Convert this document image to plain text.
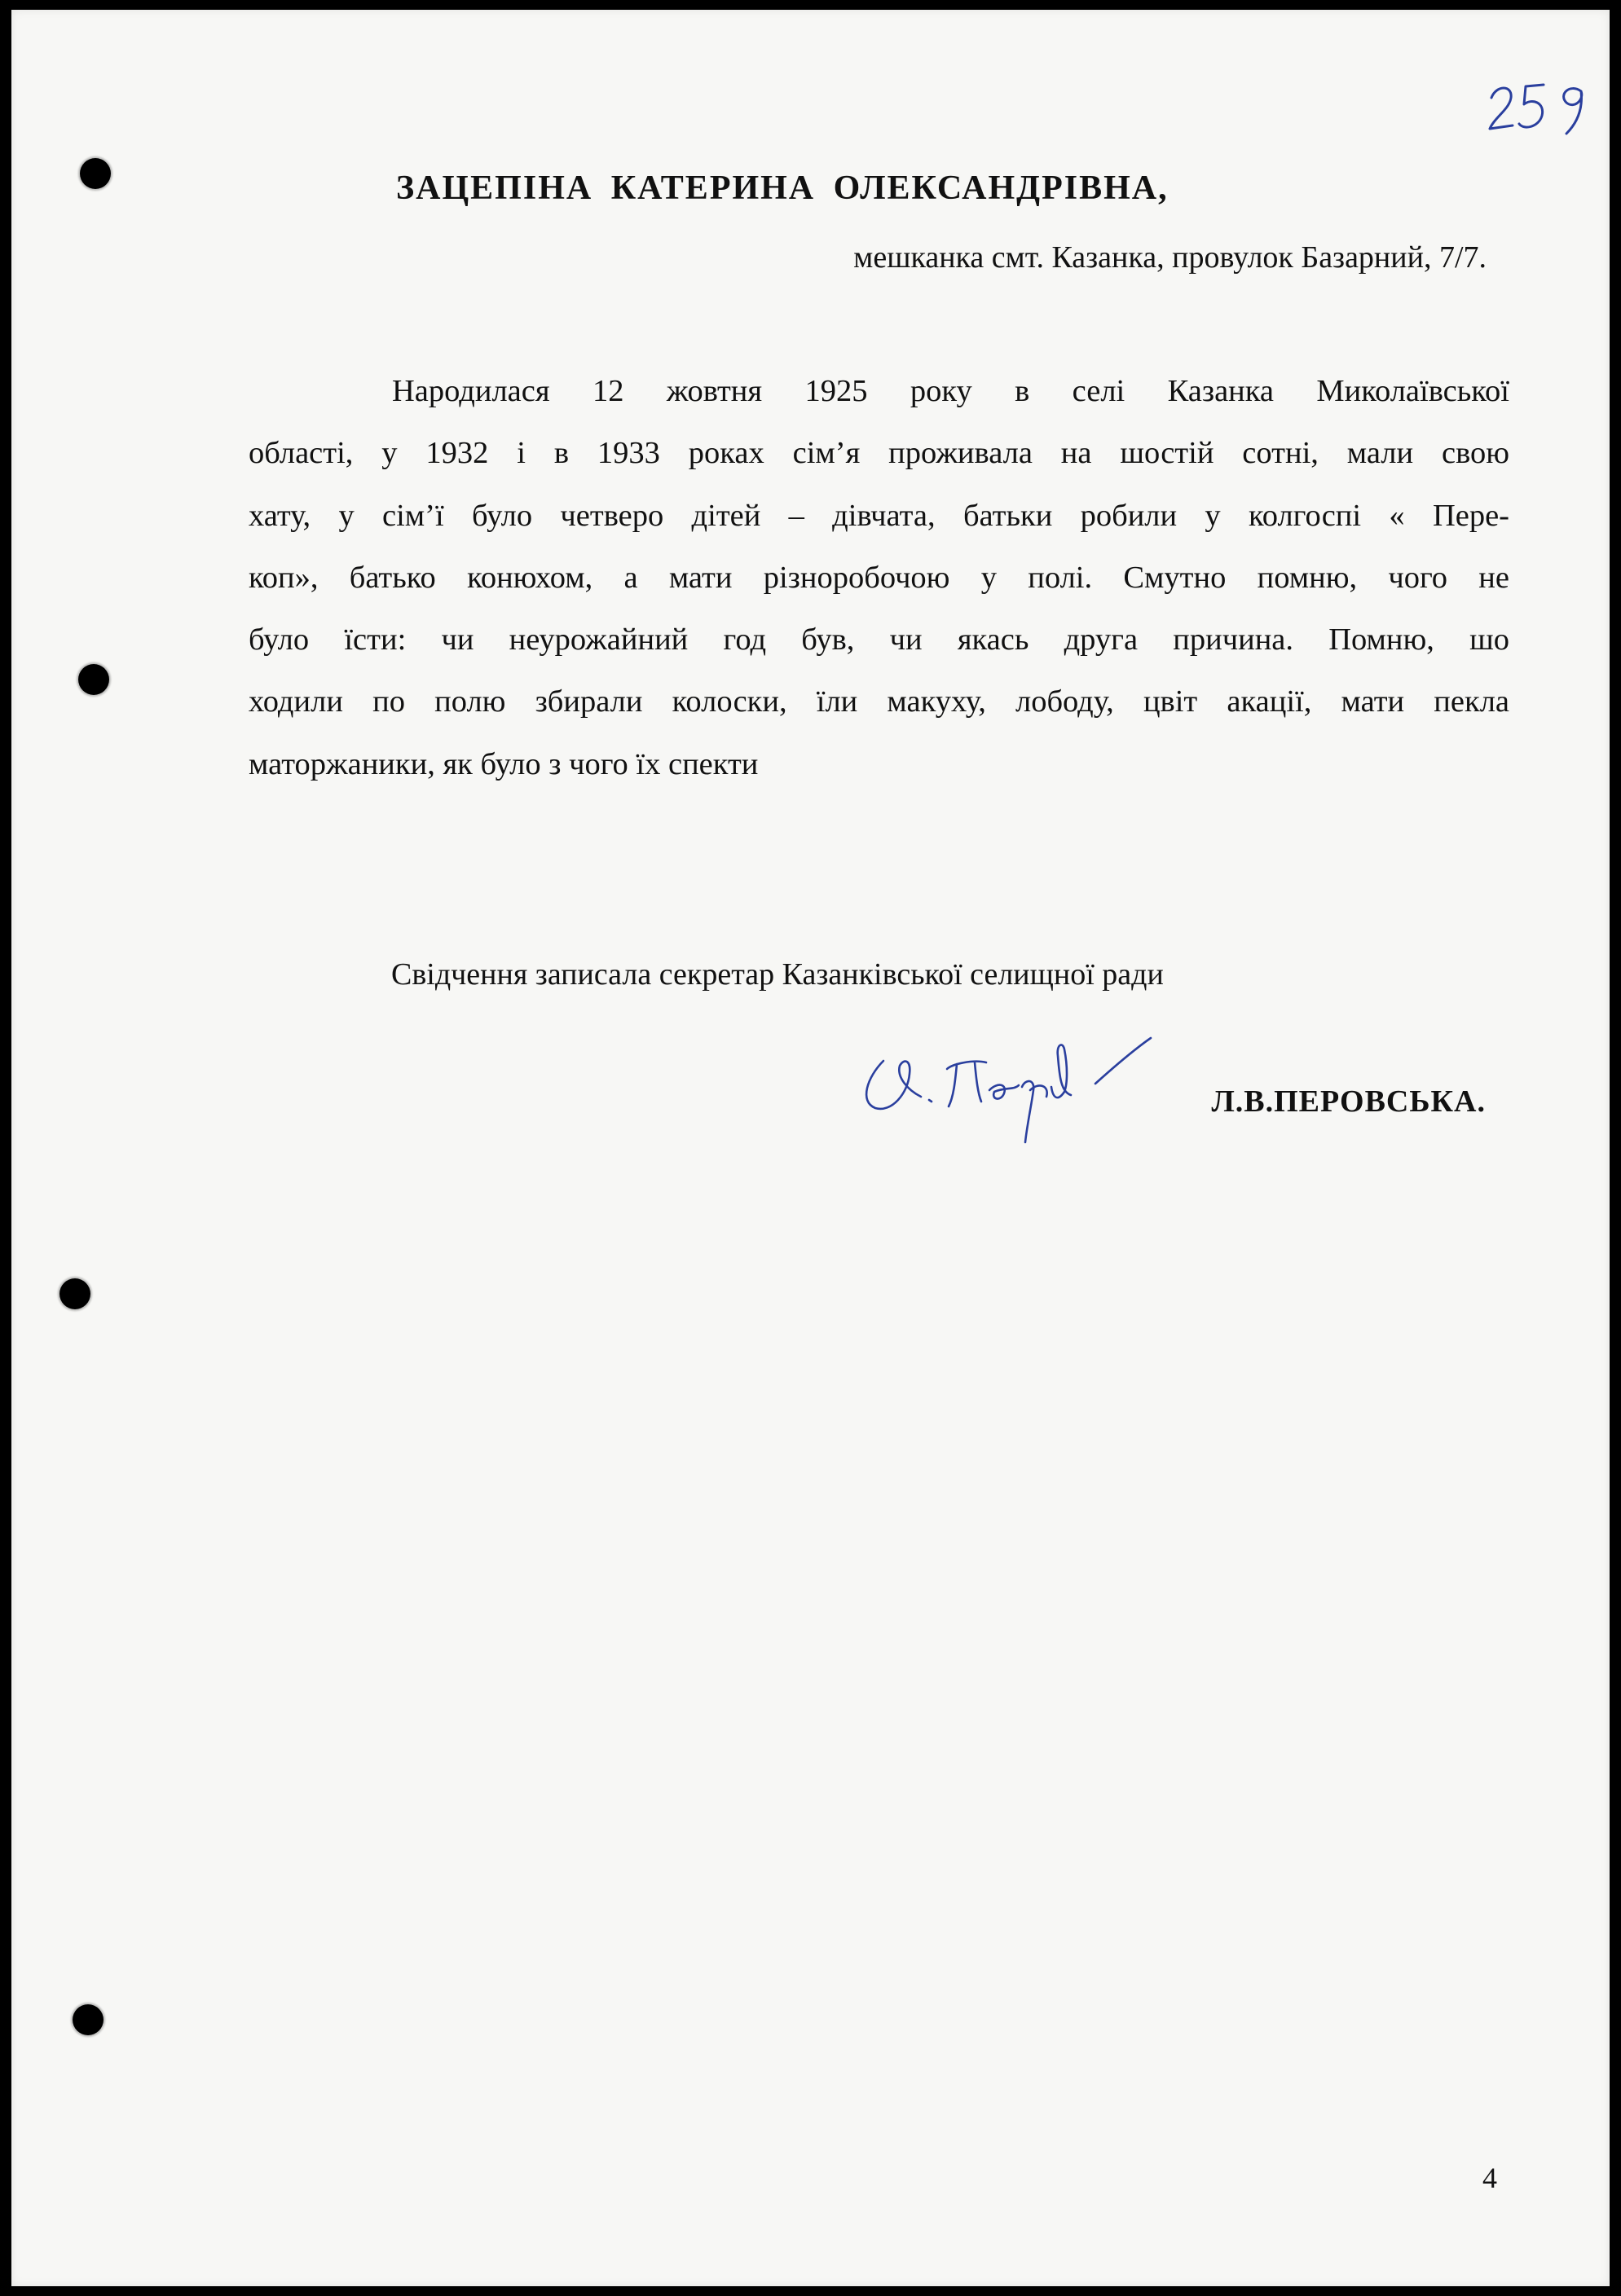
ЗАЦЕПІНА КАТЕРИНА ОЛЕКСАНДРІВНА,

мешканка смт. Казанка, провулок Базарний, 7/7.

Народилася 12 жовтня 1925 року в селі Казанка Миколаївської
області, у 1932 і в 1933 роках сім’я проживала на шостій сотні, мали свою
хату, у сім’ї було четверо дітей – дівчата, батьки робили у колгоспі « Пере-
коп», батько конюхом, а мати різноробочою у полі. Смутно помню, чого не
було їсти: чи неурожайний год був, чи якась друга причина. Помню, шо
ходили по полю збирали колоски, їли макуху, лободу, цвіт акації, мати пекла
маторжаники, як було з чого їх спекти

Свідчення записала секретар Казанківської селищної ради

Л.В.ПЕРОВСЬКА.

4
